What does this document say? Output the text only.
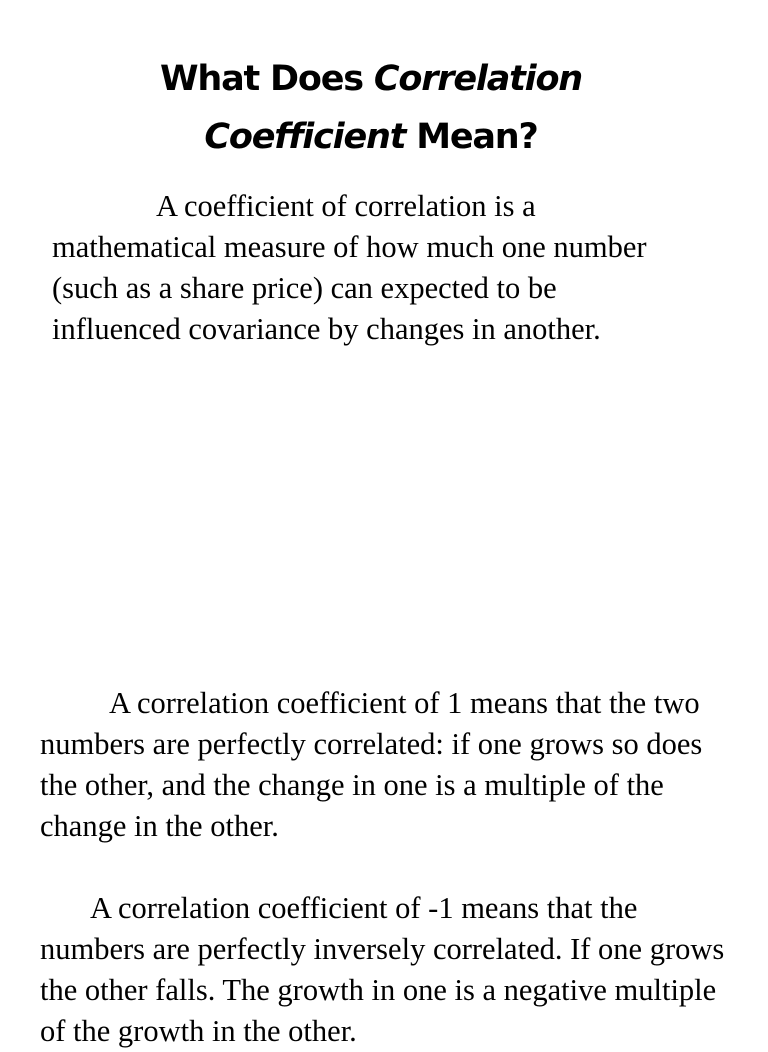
What Does Correlation
Coefficient Mean?

A coefficient of correlation is a mathematical measure of how much one number (such as a share price) can expected to be influenced covariance by changes in another.

A correlation coefficient of 1 means that the two numbers are perfectly correlated: if one grows so does the other, and the change in one is a multiple of the change in the other.

A correlation coefficient of -1 means that the numbers are perfectly inversely correlated. If one grows the other falls. The growth in one is a negative multiple of the growth in the other.
